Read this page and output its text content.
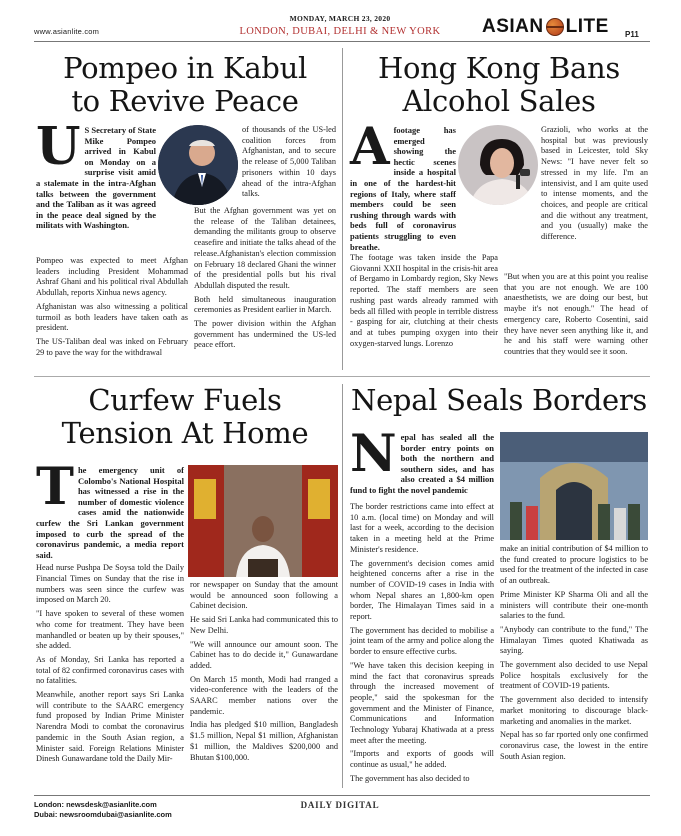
www.asianlite.com
MONDAY, MARCH 23, 2020
LONDON, DUBAI, DELHI & NEW YORK	ASIAN LITE P11
Pompeo in Kabul
to Revive Peace
U S Secretary of State Mike Pompeo arrived in Kabul on Monday on a surprise visit amid a stalemate in the intra-Afghan talks between the government and the Taliban as it was agreed in the peace deal signed by the militats with Washington.

Pompeo was expected to meet Afghan leaders including President Mohammad Ashraf Ghani and his political rival Abdullah Abdullah, reports Xinhua news agency.

Afghanistan was also witnessing a political turmoil as both leaders have taken oath as president.

The US-Taliban deal was inked on February 29 to pave the way for the withdrawal

of thousands of the US-led coalition forces from Afghanistan, and to secure the release of 5,000 Taliban prisoners within 10 days ahead of the intra-Afghan talks.

But the Afghan government was yet on the release of the Taliban detainees, demanding the militants group to observe ceasefire and initiate the talks ahead of the release.Afghanistan's election commission on February 18 declared Ghani the winner of the presidential polls but his rival Abdullah disputed the result.

Both held simultaneous inauguration ceremonies as President earlier in March.

The power division within the Afghan government has undermined the US-led peace effort.

Hong Kong Bans
Alcohol Sales
A footage has emerged showing the hectic scenes inside a hospital in one of the hardest-hit regions of Italy, where staff members could be seen rushing through wards with beds full of coronavirus patients struggling to even breathe.

The footage was taken inside the Papa Giovanni XXII hospital in the crisis-hit area of Bergamo in Lombardy region, Sky News reported. The staff members are seen rushing past wards already rammed with beds all filled with people in terrible distress - gasping for air, clutching at their chests and at tubes pumping oxygen into their oxygen-starved lungs. Lorenzo

Grazioli, who works at the hospital but was previously based in Leicester, told Sky News: "I have never felt so stressed in my life. I'm an intensivist, and I am quite used to intense moments, and the choices, and people are critical and die without any treatment, and you (usually) make the difference.

"But when you are at this point you realise that you are not enough. We are 100 anaesthetists, we are doing our best, but maybe it's not enough." The head of emergency care, Roberto Cosentini, said they have never seen anything like it, and he and his staff were warning other countries that they would see it soon.

Curfew Fuels
Tension At Home
T he emergency unit of Colombo's National Hospital has witnessed a rise in the number of domestic violence cases amid the nationwide curfew the Sri Lankan government imposed to curb the spread of the coronavirus pandemic, a media report said.

Head nurse Pushpa De Soysa told the Daily Financial Times on Sunday that the rise in numbers was seen since the curfew was imposed on March 20.

"I have spoken to several of these women who come for treatment. They have been manhandled or beaten up by their spouses," she added.

As of Monday, Sri Lanka has reported a total of 82 confirmed coronavirus cases with no fatalities.

Meanwhile, another report says Sri Lanka will contribute to the SAARC emergency fund proposed by Indian Prime Minister Narendra Modi to combat the coronavirus pandemic in the South Asian region, a Minister said. Foreign Relations Minister Dinesh Gunawardane told the Daily Mir-

ror newspaper on Sunday that the amount would be announced soon following a Cabinet decision.

He said Sri Lanka had communicated this to New Delhi.

"We will announce our amount soon. The Cabinet has to do decide it," Gunawardane added.

On March 15 month, Modi had rranged a video-conference with the leaders of the SAARC member nations over the pandemic.

India has pledged $10 million, Bangladesh $1.5 million, Nepal $1 million, Afghanistan $1 million, the Maldives $200,000 and Bhutan $100,000.

Nepal Seals Borders
N epal has sealed all the border entry points on both the northern and southern sides, and has also created a $4 million fund to fight the novel pandemic

The border restrictions came into effect at 10 a.m. (local time) on Monday and will last for a week, according to the decision taken in a meeting held at the Prime Minister's residence.

The government's decision comes amid heightened concerns after a rise in the number of COVID-19 cases in India with whom Nepal shares an 1,800-km open border, The Himalayan Times said in a report.

The government has decided to mobilise a joint team of the army and police along the border to ensure effective curbs.

"We have taken this decision keeping in mind the fact that coronavirus spreads through the increased movement of people," said the spokesman for the government and the Minister of Finance, Communications and Information Technology Yubaraj Khatiwada at a press meet after the meeting.

"Imports and exports of goods will continue as usual," he added.

The government has also decided to

make an initial contribution of $4 million to the fund created to procure logistics to be used for the treatment of the infected in case of an outbreak.

Prime Minister KP Sharma Oli and all the ministers will contribute their one-month salaries to the fund.

"Anybody can contribute to the fund," The Himalayan Times quoted Khatiwada as saying.

The government also decided to use Nepal Police hospitals exclusively for the treatment of COVID-19 patients.

The government also decided to intensify market monitoring to discourage black-marketing and anomalies in the market.

Nepal has so far rported only one confirmed coronavirus case, the lowest in the entire South Asian region.

London: newsdesk@asianlite.com
Dubai: newsroomdubai@asianlite.com
DAILY DIGITAL
